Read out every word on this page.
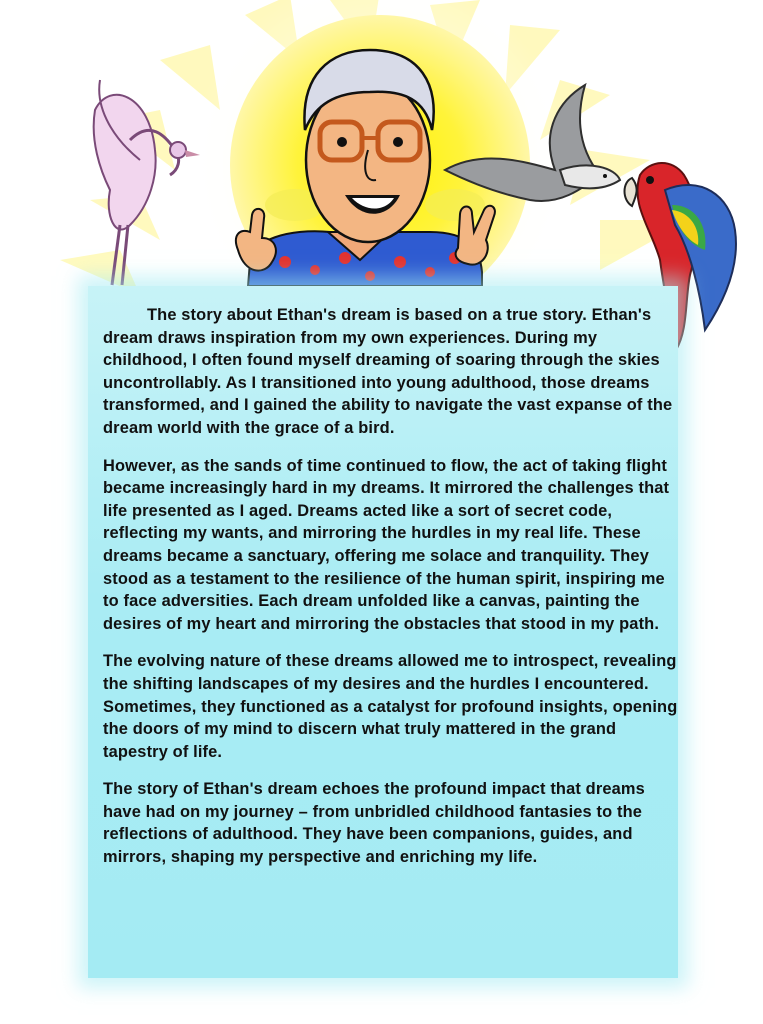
The story about Ethan's dream is based on a true story. Ethan's dream draws inspiration from my own experiences. During my childhood, I often found myself dreaming of soaring through the skies uncontrollably. As I transitioned into young adulthood, those dreams transformed, and I gained the ability to navigate the vast expanse of the dream world with the grace of a bird.

However, as the sands of time continued to flow, the act of taking flight became increasingly hard in my dreams. It mirrored the challenges that life presented as I aged. Dreams acted like a sort of secret code, reflecting my wants, and mirroring the hurdles in my real life. These dreams became a sanctuary, offering me solace and tranquility. They stood as a testament to the resilience of the human spirit, inspiring me to face adversities. Each dream unfolded like a canvas, painting the desires of my heart and mirroring the obstacles that stood in my path.

The evolving nature of these dreams allowed me to introspect, revealing the shifting landscapes of my desires and the hurdles I encountered. Sometimes, they functioned as a catalyst for profound insights, opening the doors of my mind to discern what truly mattered in the grand tapestry of life.

The story of Ethan's dream echoes the profound impact that dreams have had on my journey – from unbridled childhood fantasies to the reflections of adulthood. They have been companions, guides, and mirrors, shaping my perspective and enriching my life.
